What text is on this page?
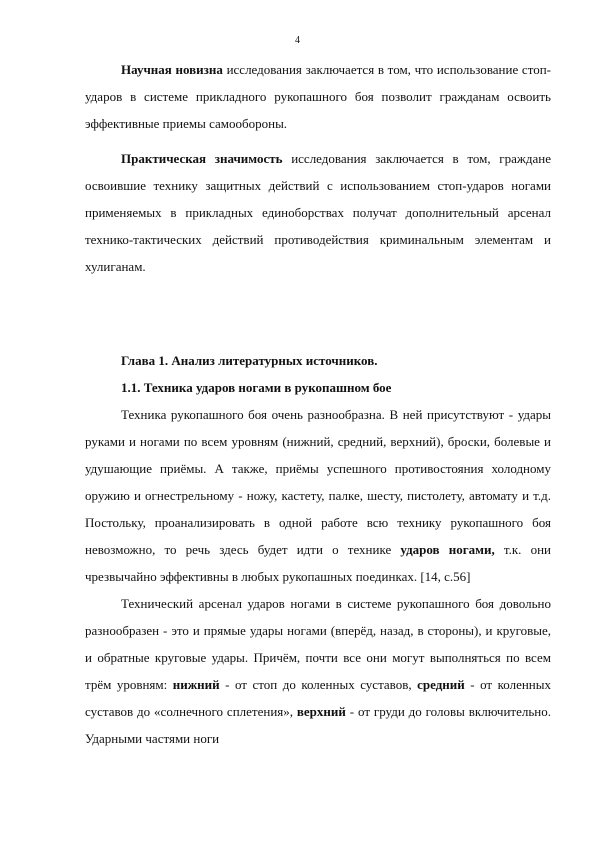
4

Научная новизна исследования заключается в том, что использование стоп-ударов в системе прикладного рукопашного боя позволит гражданам освоить эффективные приемы самообороны.

Практическая значимость исследования заключается в том, граждане освоившие технику защитных действий с использованием стоп-ударов ногами применяемых в прикладных единоборствах получат дополнительный арсенал технико-тактических действий противодействия криминальным элементам и хулиганам.

Глава 1. Анализ литературных источников.
1.1. Техника ударов ногами в рукопашном бое

Техника рукопашного боя очень разнообразна. В ней присутствуют - удары руками и ногами по всем уровням (нижний, средний, верхний), броски, болевые и удушающие приёмы. А также, приёмы успешного противостояния холодному оружию и огнестрельному - ножу, кастету, палке, шесту, пистолету, автомату и т.д. Постольку, проанализировать в одной работе всю технику рукопашного боя невозможно, то речь здесь будет идти о технике ударов ногами, т.к. они чрезвычайно эффективны в любых рукопашных поединках. [14, с.56]

Технический арсенал ударов ногами в системе рукопашного боя довольно разнообразен - это и прямые удары ногами (вперёд, назад, в стороны), и круговые, и обратные круговые удары. Причём, почти все они могут выполняться по всем трём уровням: нижний - от стоп до коленных суставов, средний - от коленных суставов до «солнечного сплетения», верхний - от груди до головы включительно. Ударными частями ноги
